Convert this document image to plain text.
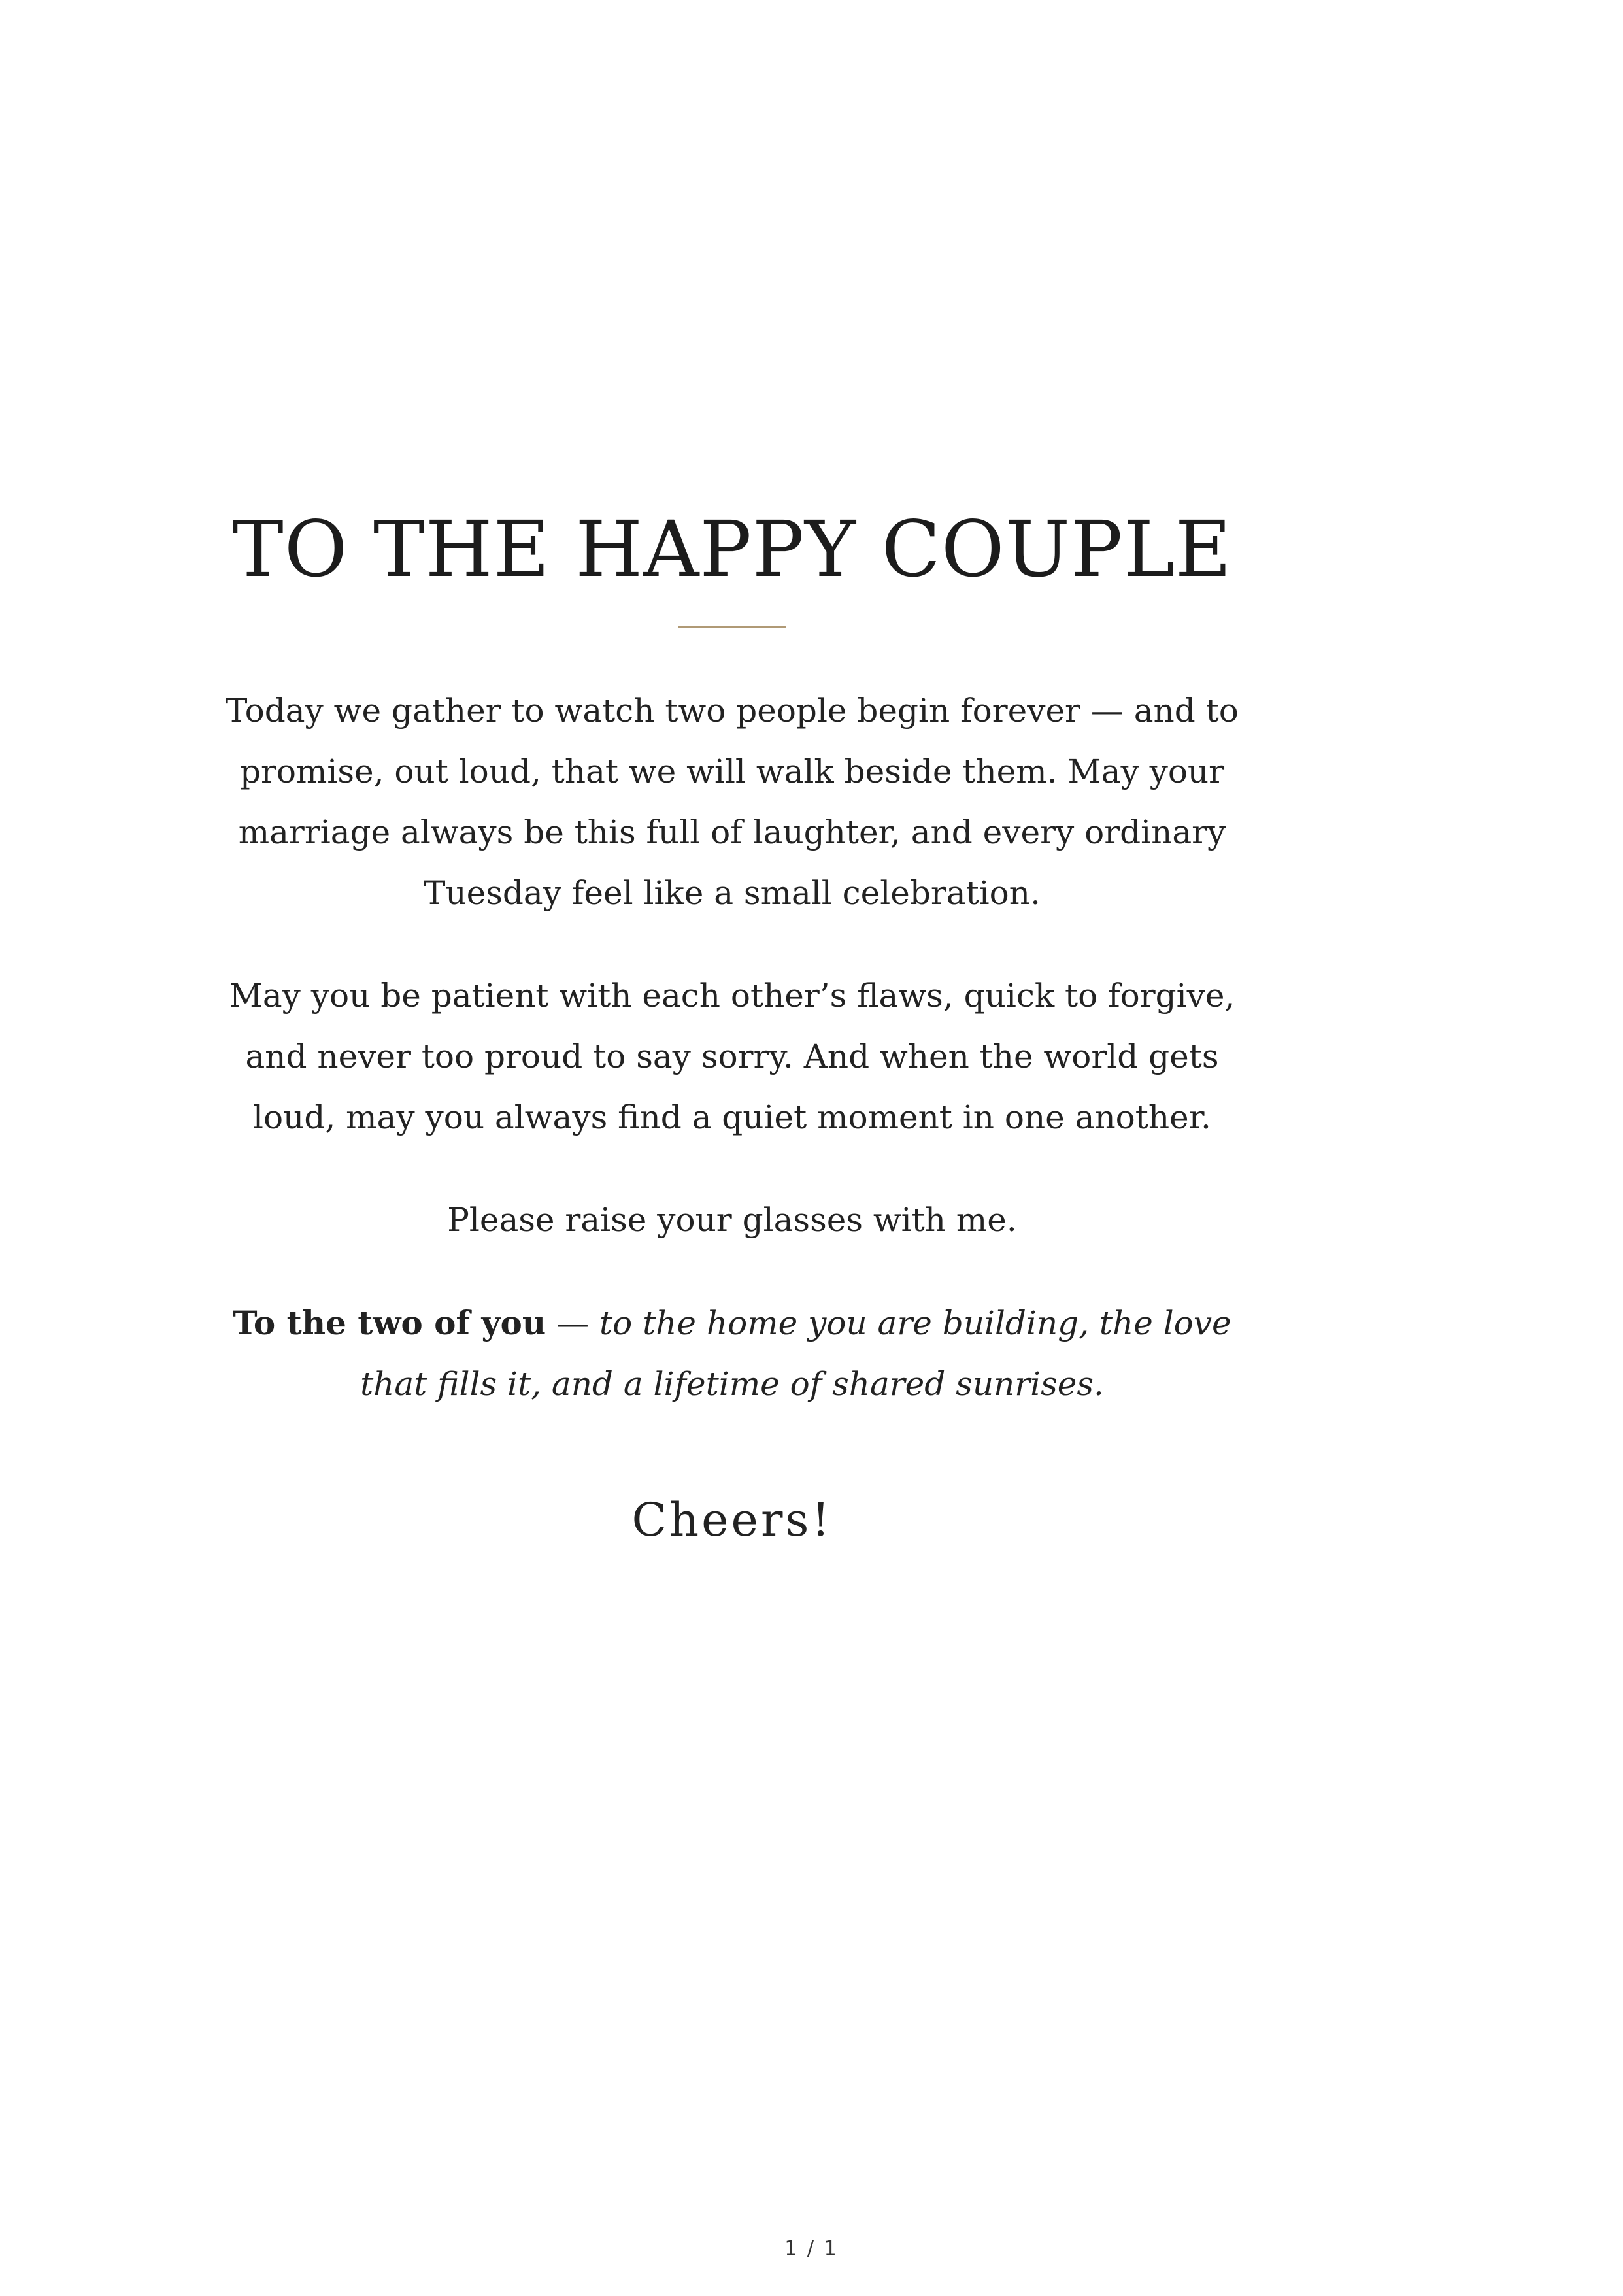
TO THE HAPPY COUPLE

Today we gather to watch two people begin forever — and to promise, out loud, that we will walk beside them. May your marriage always be this full of laughter, and every ordinary Tuesday feel like a small celebration.

May you be patient with each other’s flaws, quick to forgive, and never too proud to say sorry. And when the world gets loud, may you always find a quiet moment in one another.

Please raise your glasses with me.

To the two of you — to the home you are building, the love that fills it, and a lifetime of shared sunrises.

Cheers!

1 / 1
